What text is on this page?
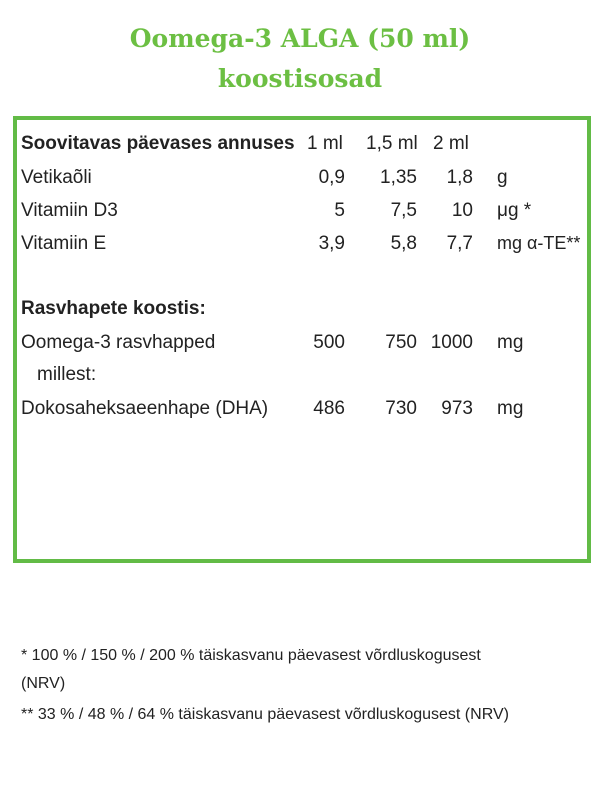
Oomega-3 ALGA (50 ml)
koostisosad
Soovitavas päevases annuses 1 ml 1,5 ml 2 ml
Vetikaõli	0,9	1,35	1,8 g
Vitamiin D3	5	7,5	10 μg *
Vitamiin E	3,9	5,8	7,7 mg α-TE**
Rasvhapete koostis:
Oomega-3 rasvhapped	500	750 1000 mg
millest:
Dokosaheksaeenhape (DHA)	486	730	973 mg
* 100 % / 150 % / 200 % täiskasvanu päevasest võrdluskogusest
(NRV)
** 33 % / 48 % / 64 % täiskasvanu päevasest võrdluskogusest (NRV)
